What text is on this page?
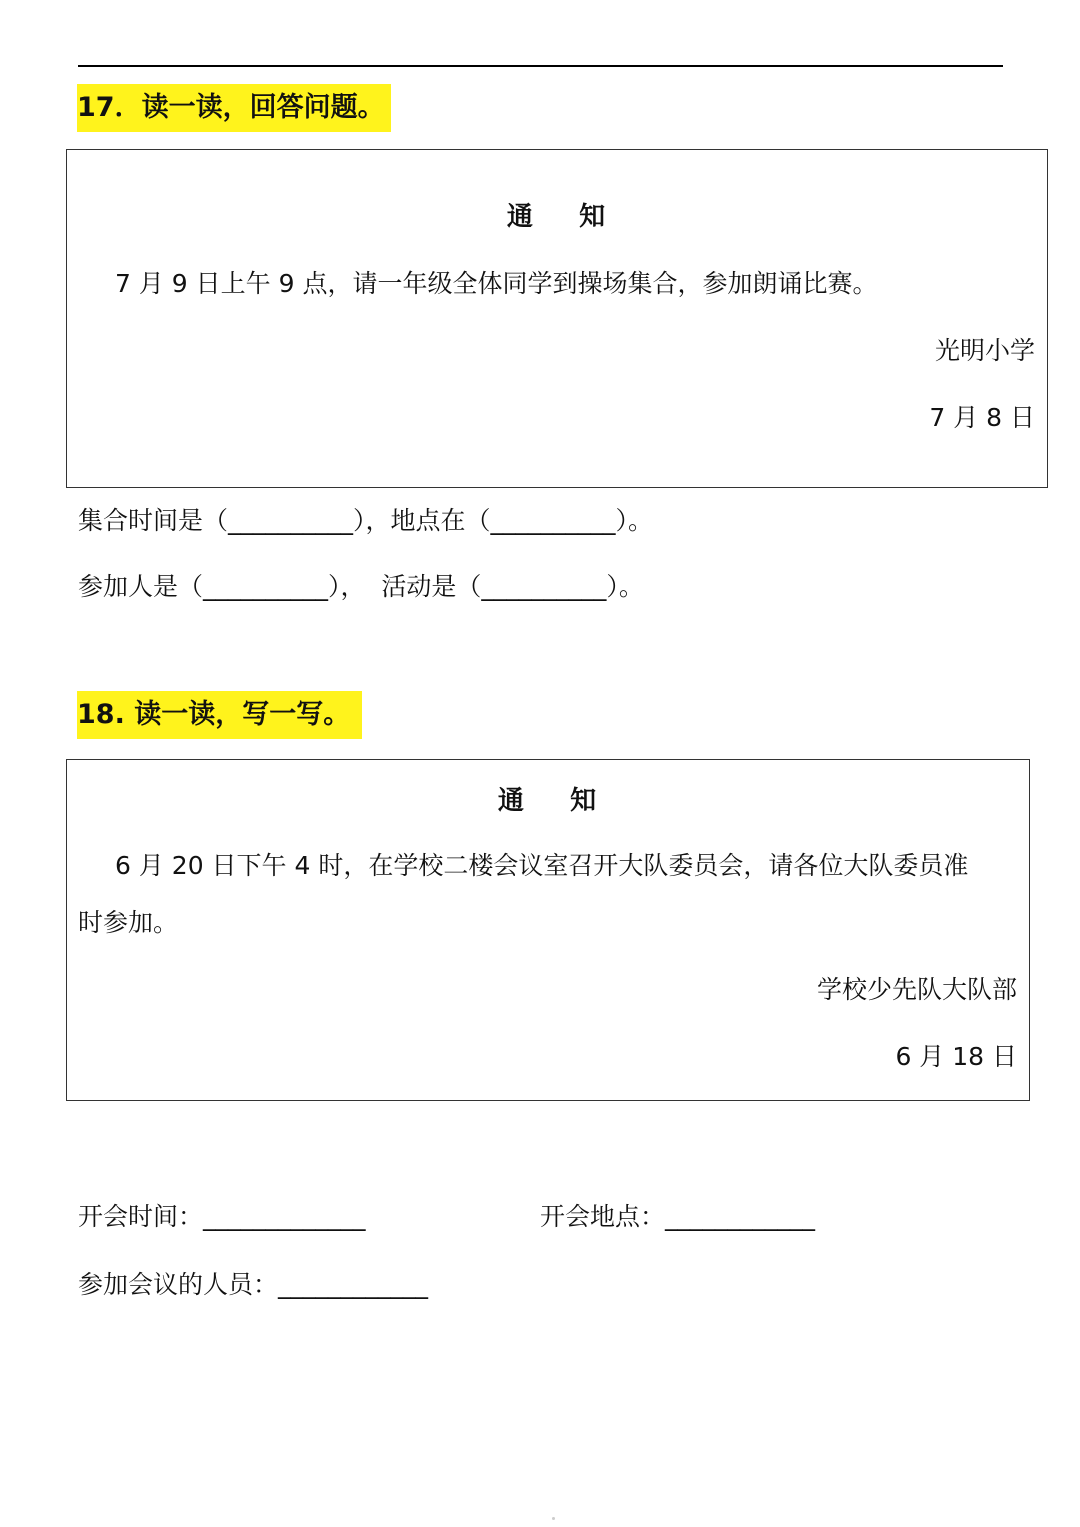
17．读一读，回答问题。
通    知
7 月 9 日上午 9 点，请一年级全体同学到操场集合，参加朗诵比赛。
光明小学
7 月 8 日
集合时间是（__________），地点在（__________）。
参加人是（__________），  活动是（__________）。
18. 读一读，写一写。
通    知
6 月 20 日下午 4 时，在学校二楼会议室召开大队委员会，请各位大队委员准
时参加。
学校少先队大队部
6 月 18 日
开会时间：_____________	开会地点：____________
参加会议的人员：____________
